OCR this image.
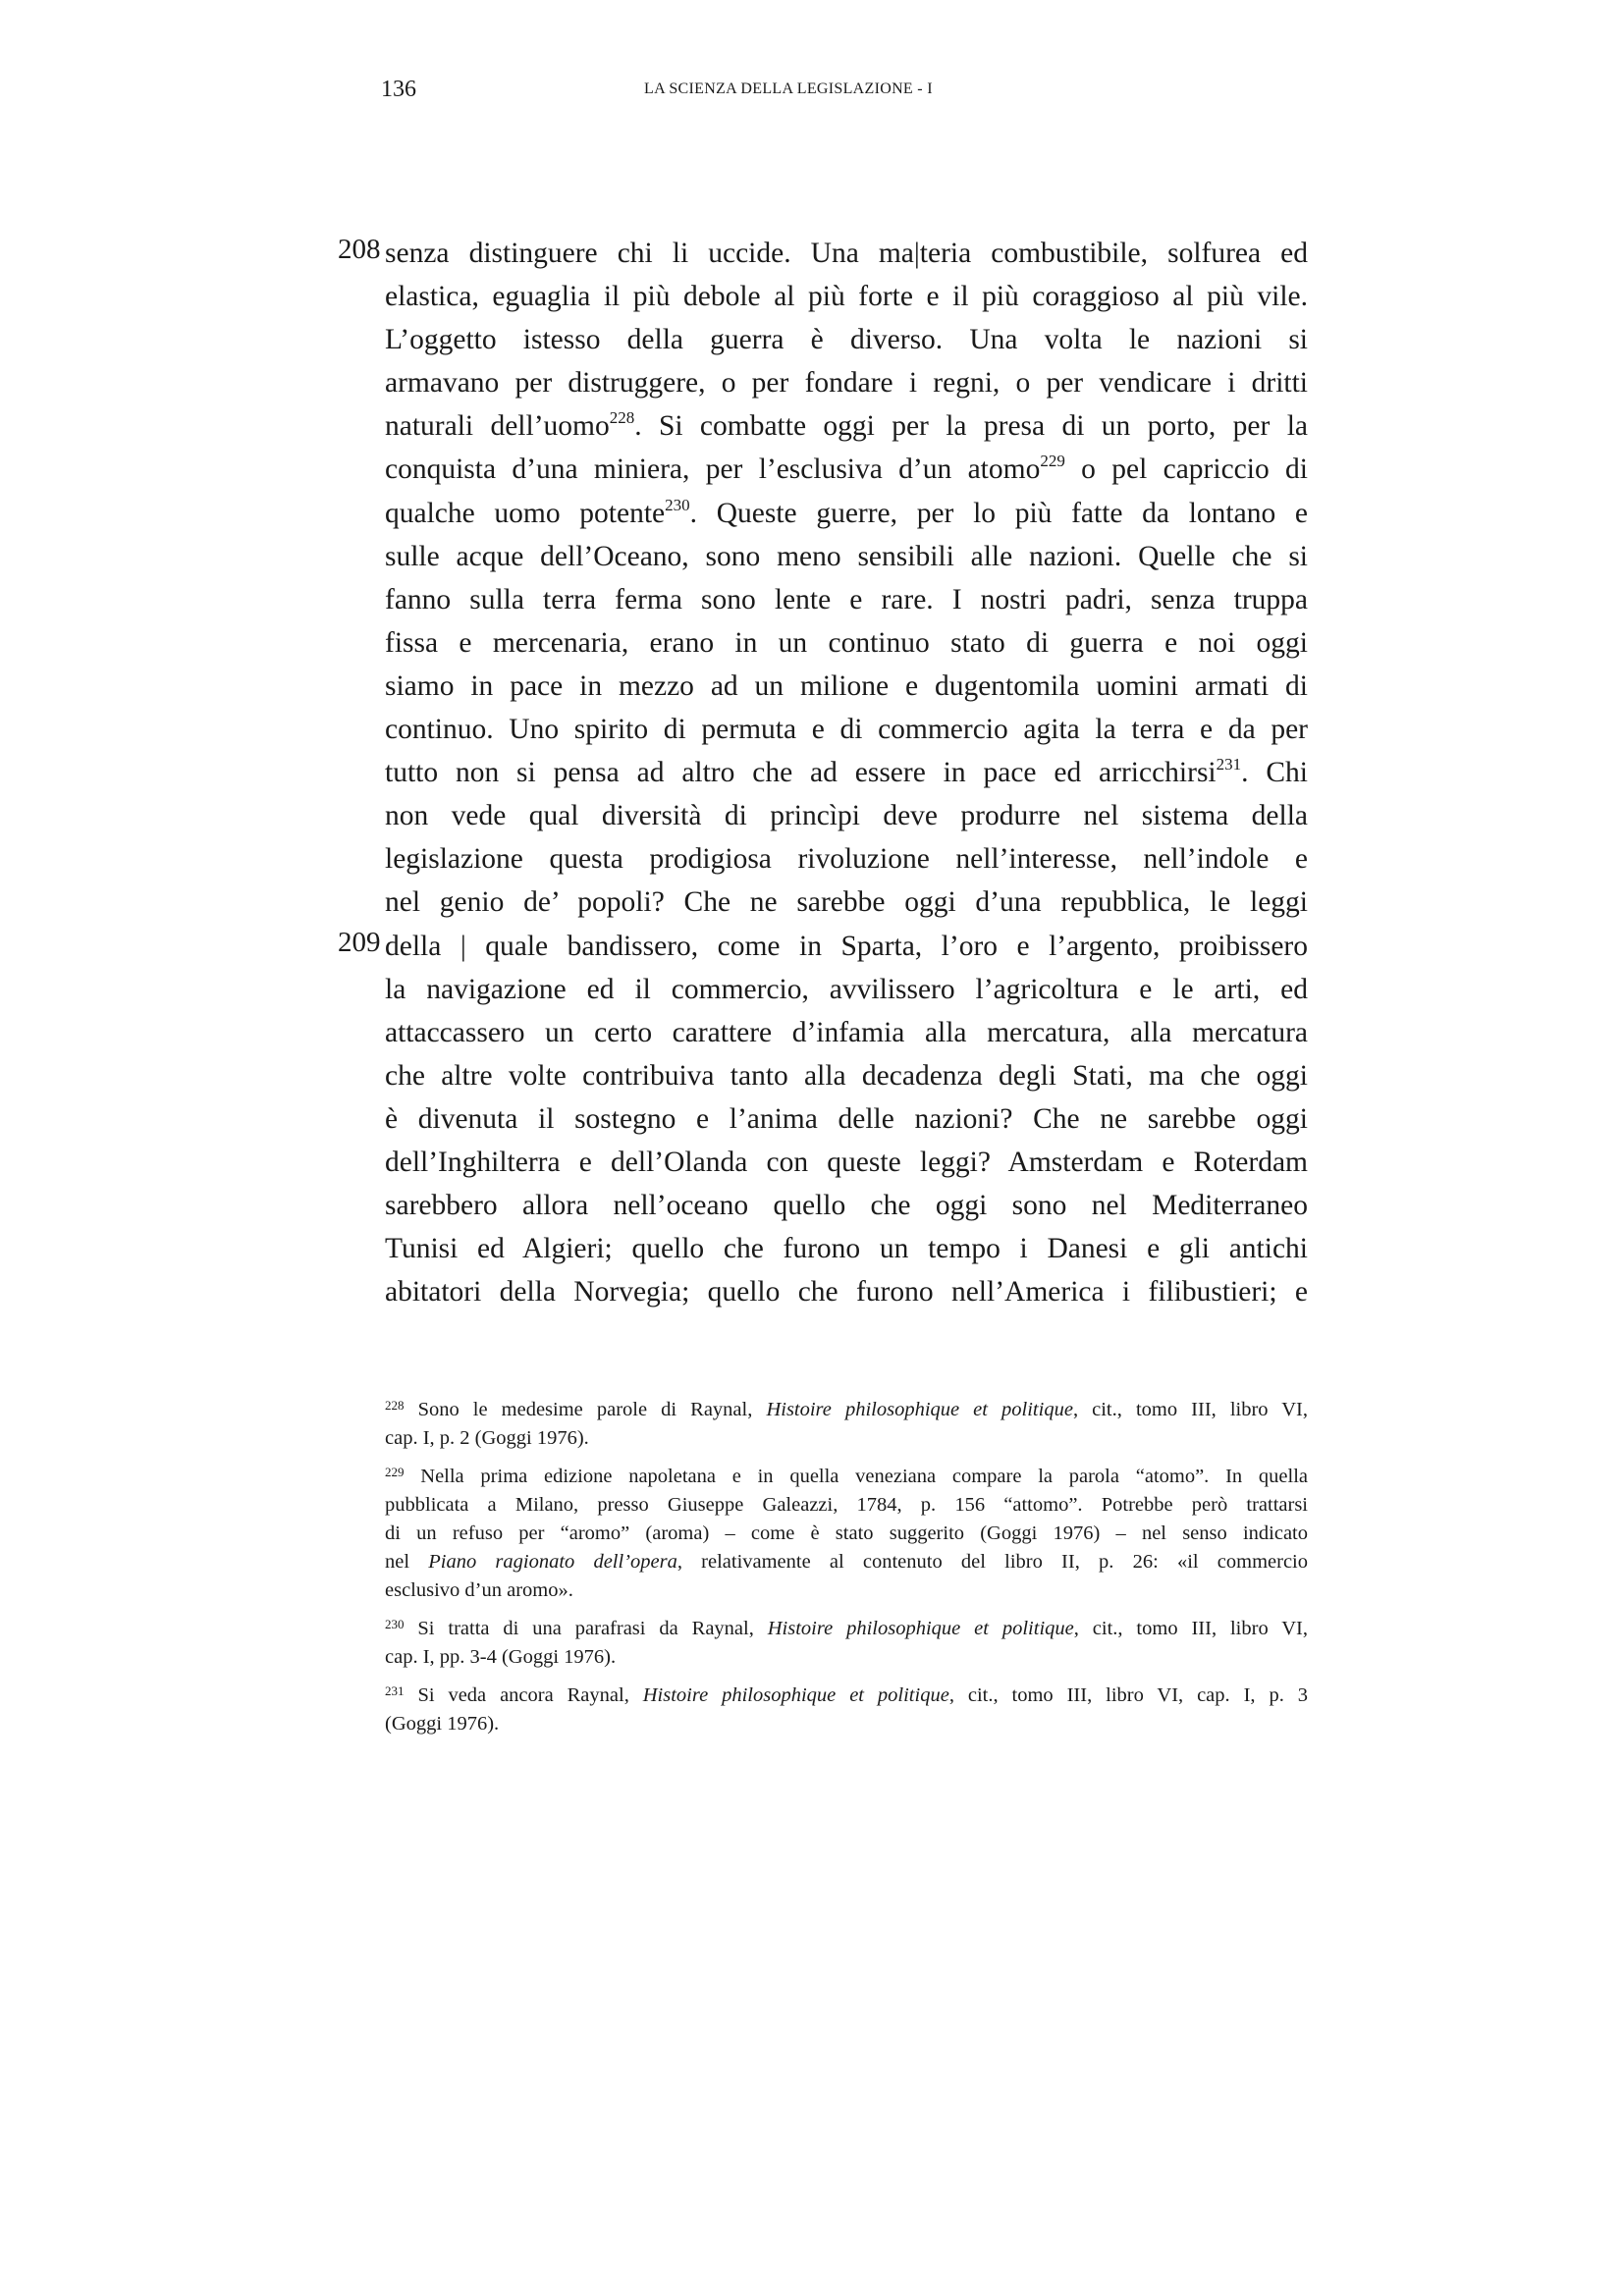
136	LA SCIENZA DELLA LEGISLAZIONE - I
208
209
senza distinguere chi li uccide. Una ma|teria combustibile, solfurea ed
elastica, eguaglia il più debole al più forte e il più coraggioso al più vile.
L’oggetto istesso della guerra è diverso. Una volta le nazioni si
armavano per distruggere, o per fondare i regni, o per vendicare i dritti
naturali dell’uomo$^{228}$. Si combatte oggi per la presa di un porto, per la
conquista d’una miniera, per l’esclusiva d’un atomo$^{229}$ o pel capriccio di
qualche uomo potente$^{230}$. Queste guerre, per lo più fatte da lontano e
sulle acque dell’Oceano, sono meno sensibili alle nazioni. Quelle che si
fanno sulla terra ferma sono lente e rare. I nostri padri, senza truppa
fissa e mercenaria, erano in un continuo stato di guerra e noi oggi
siamo in pace in mezzo ad un milione e dugentomila uomini armati di
continuo. Uno spirito di permuta e di commercio agita la terra e da per
tutto non si pensa ad altro che ad essere in pace ed arricchirsi$^{231}$. Chi
non vede qual diversità di princìpi deve produrre nel sistema della
legislazione questa prodigiosa rivoluzione nell’interesse, nell’indole e
nel genio de’ popoli? Che ne sarebbe oggi d’una repubblica, le leggi
della | quale bandissero, come in Sparta, l’oro e l’argento, proibissero
la navigazione ed il commercio, avvilissero l’agricoltura e le arti, ed
attaccassero un certo carattere d’infamia alla mercatura, alla mercatura
che altre volte contribuiva tanto alla decadenza degli Stati, ma che oggi
è divenuta il sostegno e l’anima delle nazioni? Che ne sarebbe oggi
dell’Inghilterra e dell’Olanda con queste leggi? Amsterdam e Roterdam
sarebbero allora nell’oceano quello che oggi sono nel Mediterraneo
Tunisi ed Algieri; quello che furono un tempo i Danesi e gli antichi
abitatori della Norvegia; quello che furono nell’America i filibustieri; e
$^{228}$ Sono le medesime parole di Raynal, Histoire philosophique et politique, cit., tomo III, libro VI,
cap. I, p. 2 (Goggi 1976).
$^{229}$ Nella prima edizione napoletana e in quella veneziana compare la parola “atomo”. In quella
pubblicata a Milano, presso Giuseppe Galeazzi, 1784, p. 156 “attomo”. Potrebbe però trattarsi
di un refuso per “aromo” (aroma) – come è stato suggerito (Goggi 1976) – nel senso indicato
nel Piano ragionato dell’opera, relativamente al contenuto del libro II, p. 26: «il commercio
esclusivo d’un aromo».
$^{230}$ Si tratta di una parafrasi da Raynal, Histoire philosophique et politique, cit., tomo III, libro VI,
cap. I, pp. 3-4 (Goggi 1976).
$^{231}$ Si veda ancora Raynal, Histoire philosophique et politique, cit., tomo III, libro VI, cap. I, p. 3
(Goggi 1976).
